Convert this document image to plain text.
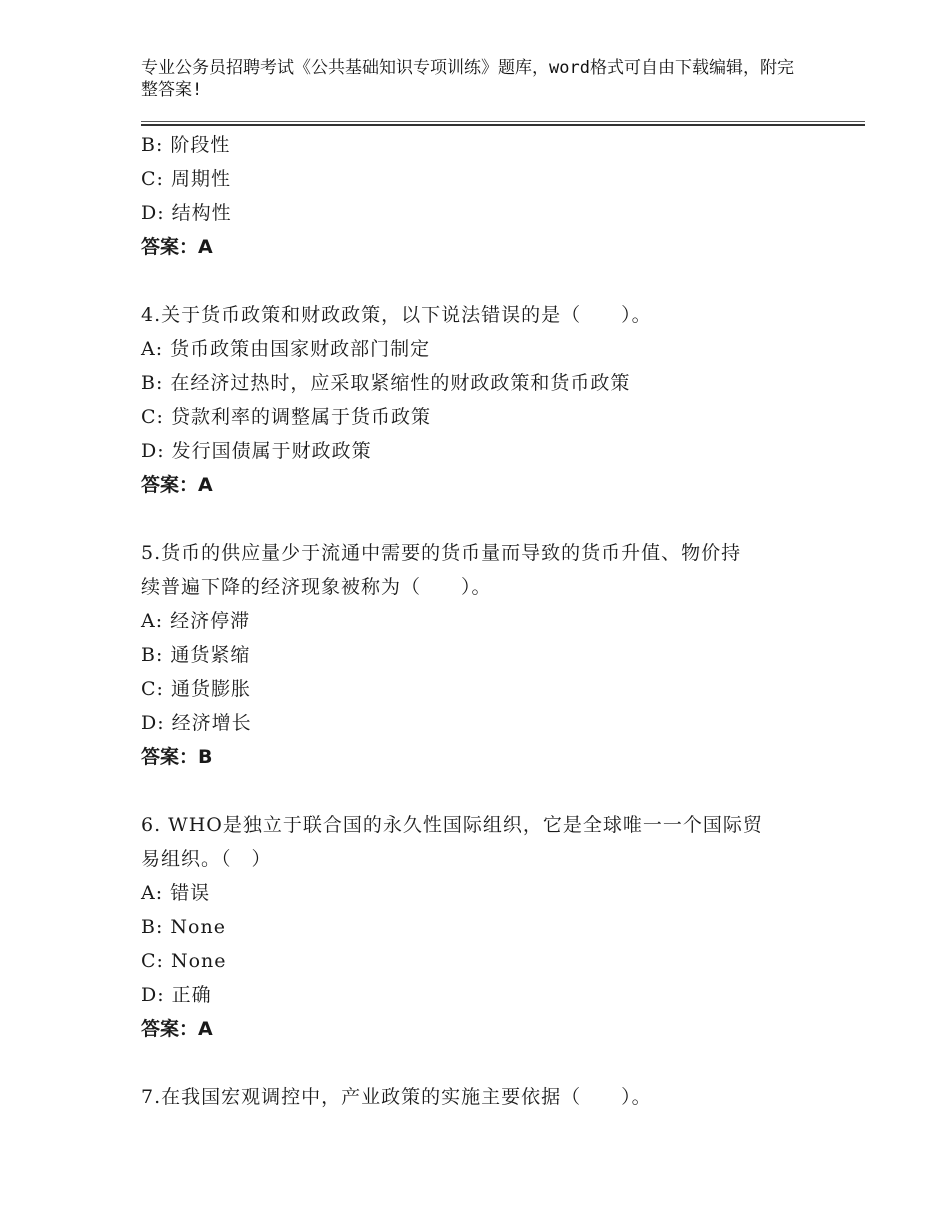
专业公务员招聘考试《公共基础知识专项训练》题库，word格式可自由下载编辑，附完整答案!
B: 阶段性
C: 周期性
D: 结构性
答案：A
4.关于货币政策和财政政策，以下说法错误的是（　　）。
A: 货币政策由国家财政部门制定
B: 在经济过热时，应采取紧缩性的财政政策和货币政策
C: 贷款利率的调整属于货币政策
D: 发行国债属于财政政策
答案：A
5.货币的供应量少于流通中需要的货币量而导致的货币升值、物价持
续普遍下降的经济现象被称为（　　）。
A: 经济停滞
B: 通货紧缩
C: 通货膨胀
D: 经济增长
答案：B
6. WHO是独立于联合国的永久性国际组织，它是全球唯一一个国际贸
易组织。（　）
A: 错误
B: None
C: None
D: 正确
答案：A
7.在我国宏观调控中，产业政策的实施主要依据（　　）。
